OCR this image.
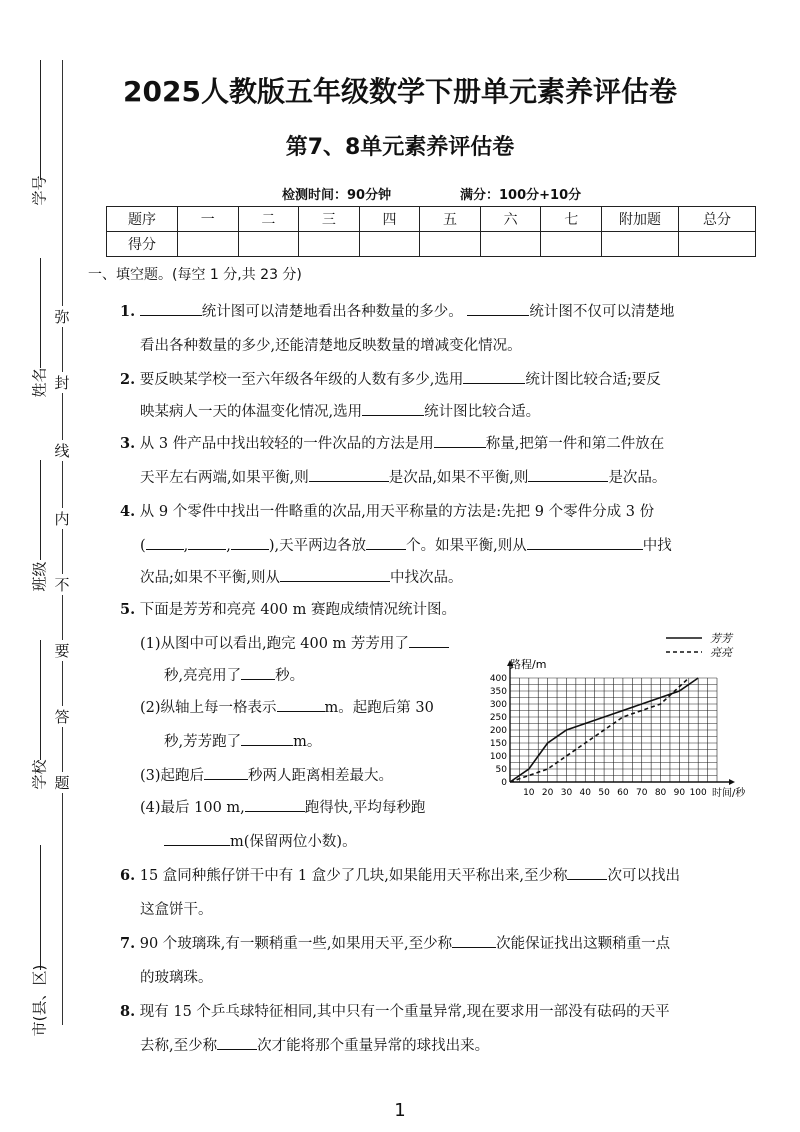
学号
姓名
班级
学校
市(县、区)
弥
封
线
内
不
要
答
题
2025人教版五年级数学下册单元素养评估卷
第7、8单元素养评估卷
检测时间：90分钟	满分：100分+10分
题序	一	二	三	四	五	六	七	附加题	总分
得分									
一、填空题。(每空 1 分,共 23 分)
1.	统计图可以清楚地看出各种数量的多少。	统计图不仅可以清楚地
看出各种数量的多少,还能清楚地反映数量的增减变化情况。
2. 要反映某学校一至六年级各年级的人数有多少,选用	统计图比较合适;要反
映某病人一天的体温变化情况,选用	统计图比较合适。
3. 从 3 件产品中找出较轻的一件次品的方法是用	称量,把第一件和第二件放在
天平左右两端,如果平衡,则	是次品,如果不平衡,则	是次品。
4. 从 9 个零件中找出一件略重的次品,用天平称量的方法是:先把 9 个零件分成 3 份
(	,	,	),天平两边各放	个。如果平衡,则从	中找
次品;如果不平衡,则从	中找次品。
5. 下面是芳芳和亮亮 400 m 赛跑成绩情况统计图。
(1)从图中可以看出,跑完 400 m 芳芳用了
秒,亮亮用了 秒。
(2)纵轴上每一格表示	m。起跑后第 30
秒,芳芳跑了	m。
(3)起跑后	秒两人距离相差最大。
(4)最后 100 m,	跑得快,平均每秒跑
m(保留两位小数)。
10 20 30 40 50 60 70 80 90 100
0
50
100
150
200
250
300
350
400
路程/m
时间/秒
芳芳
亮亮
6. 15 盒同种熊仔饼干中有 1 盒少了几块,如果能用天平称出来,至少称	次可以找出
这盒饼干。
7. 90 个玻璃珠,有一颗稍重一些,如果用天平,至少称	次能保证找出这颗稍重一点
的玻璃珠。
8. 现有 15 个乒乓球特征相同,其中只有一个重量异常,现在要求用一部没有砝码的天平
去称,至少称	次才能将那个重量异常的球找出来。
1
